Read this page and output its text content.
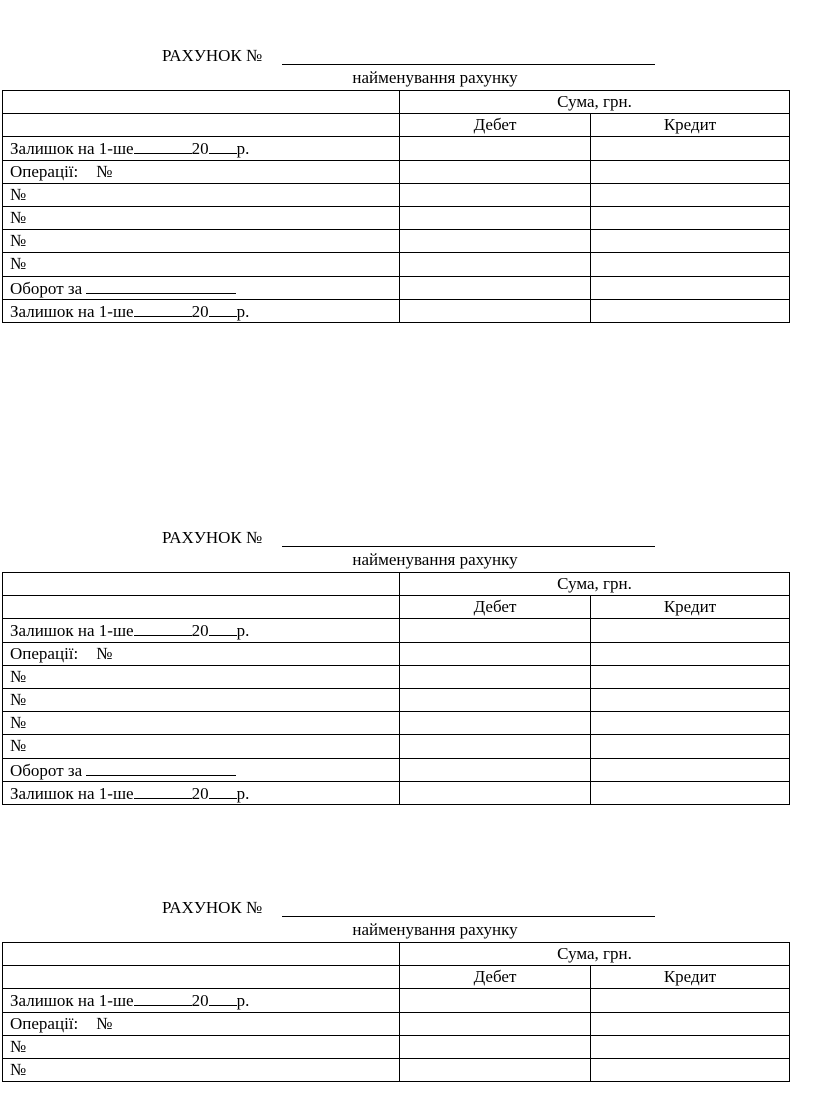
РАХУНОК №
найменування рахунку
	Сума, грн.	
	Дебет	Кредит
Залишок на 1-ше 20 р.		
Операції: №		
№		
№		
№		
№		
Оборот за		
Залишок на 1-ше 20 р.		
РАХУНОК №
найменування рахунку
	Сума, грн.	
	Дебет	Кредит
Залишок на 1-ше 20 р.		
Операції: №		
№		
№		
№		
№		
Оборот за		
Залишок на 1-ше 20 р.		
РАХУНОК №
найменування рахунку
	Сума, грн.	
	Дебет	Кредит
Залишок на 1-ше 20 р.		
Операції: №		
№		
№		
